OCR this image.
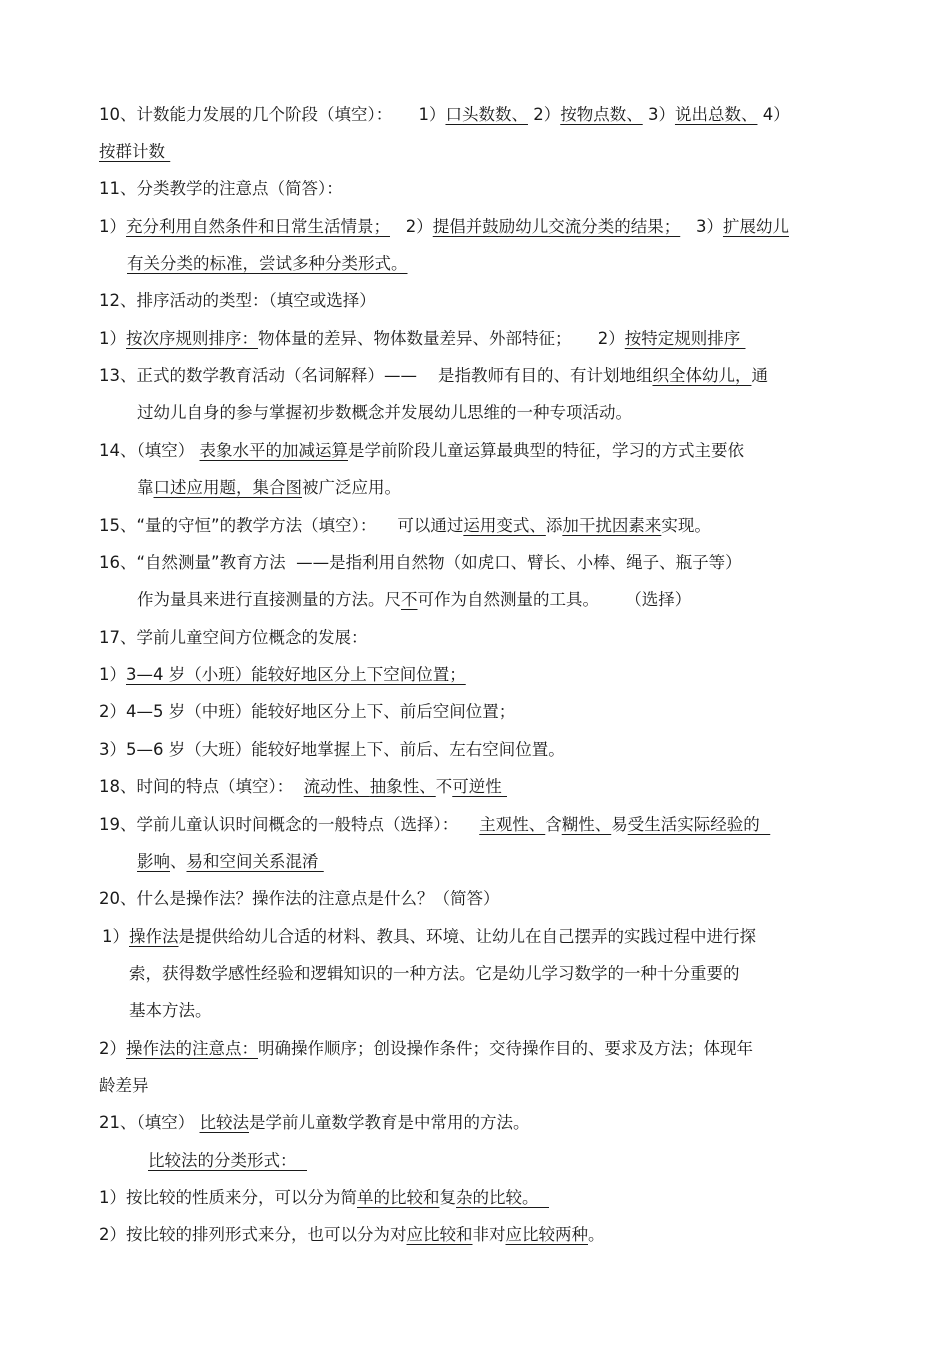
10、计数能力发展的几个阶段（填空）：     1）口头数数、 2）按物点数、 3）说出总数、 4）
按群计数
11、分类教学的注意点（简答）：
1）充分利用自然条件和日常生活情景；   2）提倡并鼓励幼儿交流分类的结果；   3）扩展幼儿
有关分类的标准，尝试多种分类形式。
12、排序活动的类型：（填空或选择）
1）按次序规则排序：物体量的差异、物体数量差异、外部特征；     2）按特定规则排序
13、正式的数学教育活动（名词解释）——    是指教师有目的、有计划地组织全体幼儿，通
过幼儿自身的参与掌握初步数概念并发展幼儿思维的一种专项活动。
14、（填空） 表象水平的加减运算是学前阶段儿童运算最典型的特征，学习的方式主要依
靠口述应用题，集合图被广泛应用。
15、“量的守恒”的教学方法（填空）：    可以通过运用变式、添加干扰因素来实现。
16、“自然测量”教育方法  ——是指利用自然物（如虎口、臂长、小棒、绳子、瓶子等）
作为量具来进行直接测量的方法。尺不可作为自然测量的工具。     （选择）
17、学前儿童空间方位概念的发展：
1）3—4 岁（小班）能较好地区分上下空间位置；
2）4—5 岁（中班）能较好地区分上下、前后空间位置；
3）5—6 岁（大班）能较好地掌握上下、前后、左右空间位置。
18、时间的特点（填空）：  流动性、抽象性、不可逆性
19、学前儿童认识时间概念的一般特点（选择）：    主观性、含糊性、易受生活实际经验的
影响、易和空间关系混淆
20、什么是操作法？操作法的注意点是什么？（简答）
1）操作法是提供给幼儿合适的材料、教具、环境、让幼儿在自己摆弄的实践过程中进行探
索，获得数学感性经验和逻辑知识的一种方法。它是幼儿学习数学的一种十分重要的
基本方法。
2）操作法的注意点：明确操作顺序；创设操作条件；交待操作目的、要求及方法；体现年
龄差异
21、（填空） 比较法是学前儿童数学教育是中常用的方法。
比较法的分类形式：
1）按比较的性质来分，可以分为简单的比较和复杂的比较。
2）按比较的排列形式来分，也可以分为对应比较和非对应比较两种。
